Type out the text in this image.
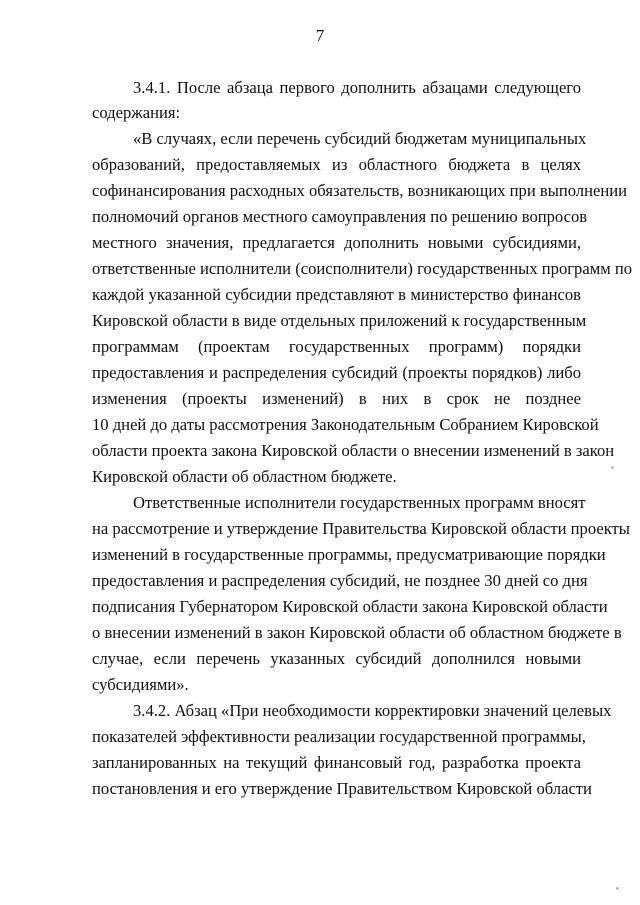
7
3.4.1. После абзаца первого дополнить абзацами следующего
содержания:
«В случаях, если перечень субсидий бюджетам муниципальных
образований, предоставляемых из областного бюджета в целях
софинансирования расходных обязательств, возникающих при выполнении
полномочий органов местного самоуправления по решению вопросов
местного значения, предлагается дополнить новыми субсидиями,
ответственные исполнители (соисполнители) государственных программ по
каждой указанной субсидии представляют в министерство финансов
Кировской области в виде отдельных приложений к государственным
программам (проектам государственных программ) порядки
предоставления и распределения субсидий (проекты порядков) либо
изменения (проекты изменений) в них в срок не позднее
10 дней до даты рассмотрения Законодательным Собранием Кировской
области проекта закона Кировской области о внесении изменений в закон
Кировской области об областном бюджете.
Ответственные исполнители государственных программ вносят
на рассмотрение и утверждение Правительства Кировской области проекты
изменений в государственные программы, предусматривающие порядки
предоставления и распределения субсидий, не позднее 30 дней со дня
подписания Губернатором Кировской области закона Кировской области
о внесении изменений в закон Кировской области об областном бюджете в
случае, если перечень указанных субсидий дополнился новыми
субсидиями».
3.4.2. Абзац «При необходимости корректировки значений целевых
показателей эффективности реализации государственной программы,
запланированных на текущий финансовый год, разработка проекта
постановления и его утверждение Правительством Кировской области
